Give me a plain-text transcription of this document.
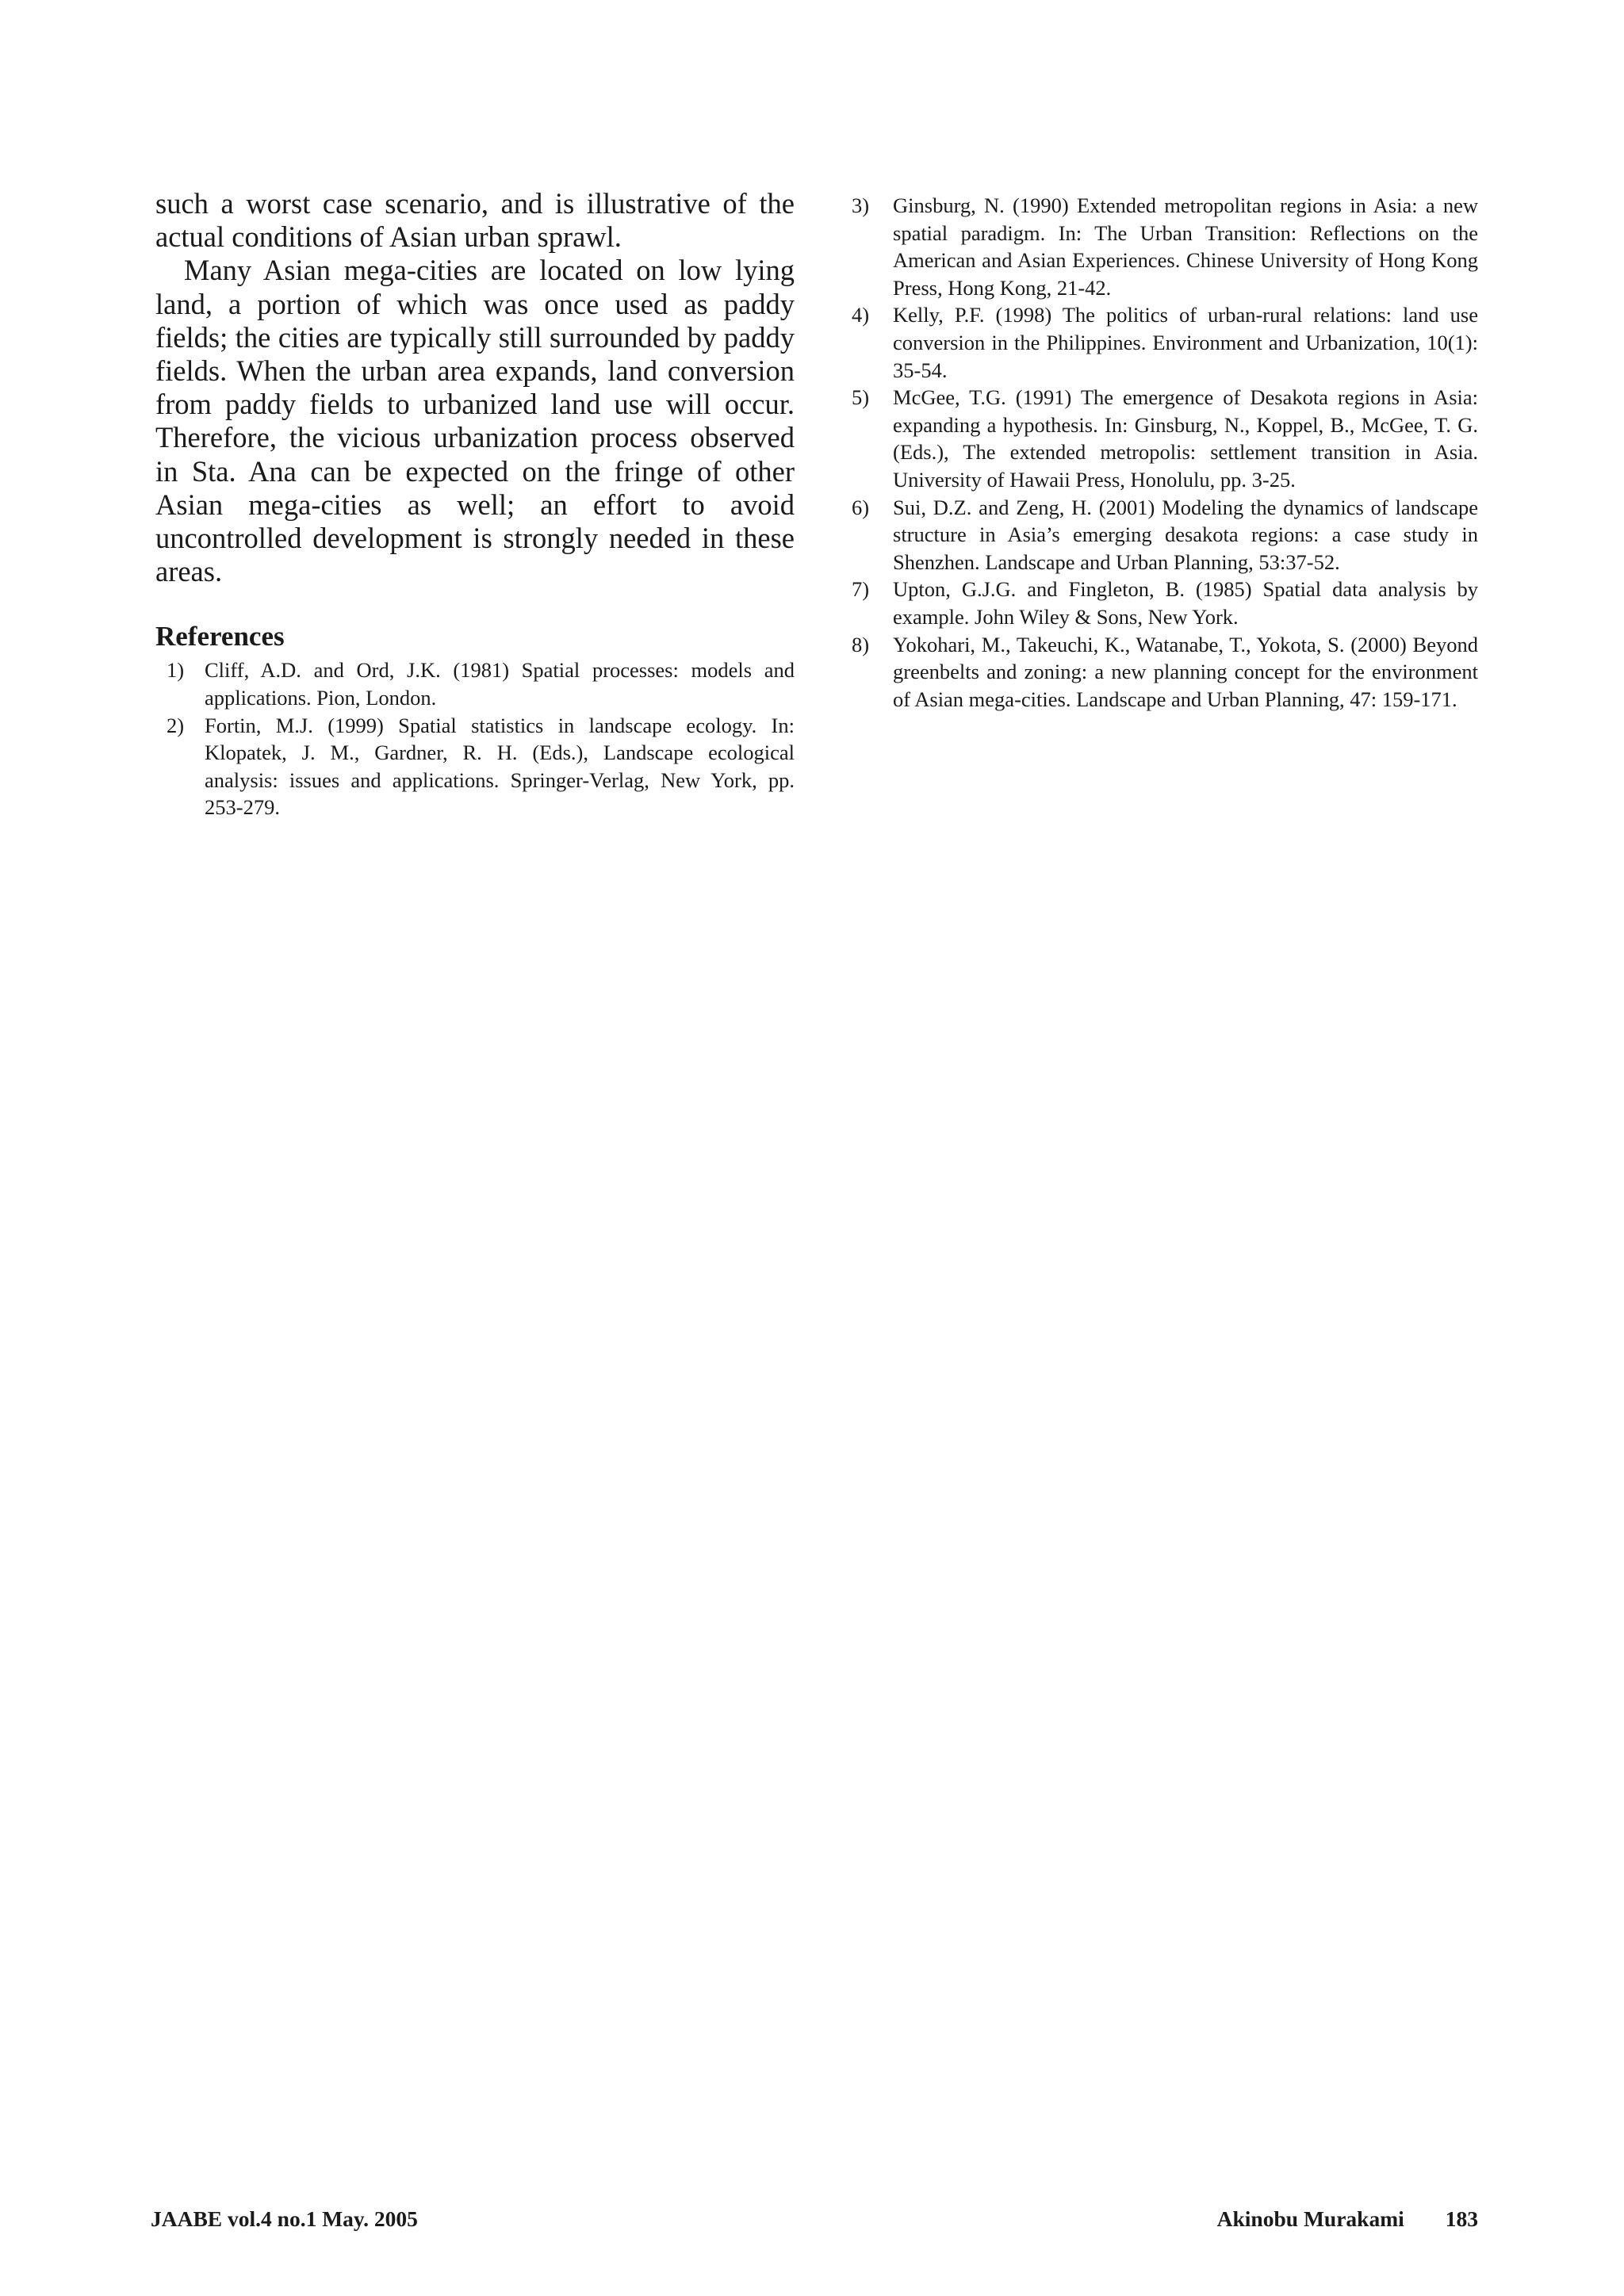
such a worst case scenario, and is illustrative of the actual conditions of Asian urban sprawl.

Many Asian mega-cities are located on low lying land, a portion of which was once used as paddy fields; the cities are typically still surrounded by paddy fields. When the urban area expands, land conversion from paddy fields to urbanized land use will occur. Therefore, the vicious urbanization process observed in Sta. Ana can be expected on the fringe of other Asian mega-cities as well; an effort to avoid uncontrolled development is strongly needed in these areas.

References
1) Cliff, A.D. and Ord, J.K. (1981) Spatial processes: models and applications. Pion, London.
2) Fortin, M.J. (1999) Spatial statistics in landscape ecology. In: Klopatek, J. M., Gardner, R. H. (Eds.), Landscape ecological analysis: issues and applications. Springer-Verlag, New York, pp. 253-279.
3) Ginsburg, N. (1990) Extended metropolitan regions in Asia: a new spatial paradigm. In: The Urban Transition: Reflections on the American and Asian Experiences. Chinese University of Hong Kong Press, Hong Kong, 21-42.
4) Kelly, P.F. (1998) The politics of urban-rural relations: land use conversion in the Philippines. Environment and Urbanization, 10(1): 35-54.
5) McGee, T.G. (1991) The emergence of Desakota regions in Asia: expanding a hypothesis. In: Ginsburg, N., Koppel, B., McGee, T. G. (Eds.), The extended metropolis: settlement transition in Asia. University of Hawaii Press, Honolulu, pp. 3-25.
6) Sui, D.Z. and Zeng, H. (2001) Modeling the dynamics of landscape structure in Asia’s emerging desakota regions: a case study in Shenzhen. Landscape and Urban Planning, 53:37-52.
7) Upton, G.J.G. and Fingleton, B. (1985) Spatial data analysis by example. John Wiley & Sons, New York.
8) Yokohari, M., Takeuchi, K., Watanabe, T., Yokota, S. (2000) Beyond greenbelts and zoning: a new planning concept for the environment of Asian mega-cities. Landscape and Urban Planning, 47: 159-171.
JAABE vol.4 no.1 May. 2005	Akinobu Murakami 183
